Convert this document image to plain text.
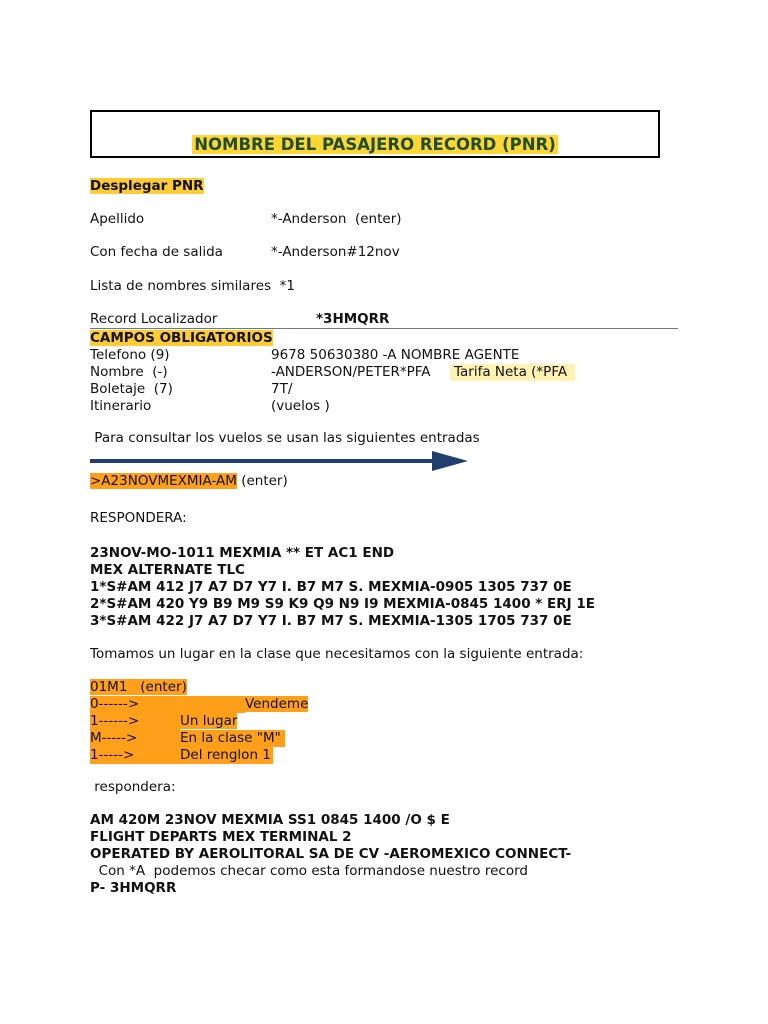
NOMBRE DEL PASAJERO RECORD (PNR)
Desplegar PNR
Apellido	*-Anderson  (enter)
Con fecha de salida	*-Anderson#12nov
Lista de nombres similares  *1
Record Localizador	*3HMQRR
CAMPOS OBLIGATORIOS
Telefono (9)	9678 50630380 -A NOMBRE AGENTE
Nombre  (-)	-ANDERSON/PETER*PFA Tarifa Neta (*PFA
Boletaje  (7)	7T/
Itinerario	(vuelos )
Para consultar los vuelos se usan las siguientes entradas
>A23NOVMEXMIA-AM (enter)
RESPONDERA:
23NOV-MO-1011 MEXMIA ** ET AC1 END
MEX ALTERNATE TLC
1*S#AM 412 J7 A7 D7 Y7 I. B7 M7 S. MEXMIA-0905 1305 737 0E
2*S#AM 420 Y9 B9 M9 S9 K9 Q9 N9 I9 MEXMIA-0845 1400 * ERJ 1E
3*S#AM 422 J7 A7 D7 Y7 I. B7 M7 S. MEXMIA-1305 1705 737 0E
Tomamos un lugar en la clase que necesitamos con la siguiente entrada:
01M1   (enter)
0------>	Vendeme
1------>	Un lugar
M----->	En la clase "M"
1----->	Del renglon 1
respondera:
AM 420M 23NOV MEXMIA SS1 0845 1400 /O $ E
FLIGHT DEPARTS MEX TERMINAL 2
OPERATED BY AEROLITORAL SA DE CV -AEROMEXICO CONNECT-
Con *A  podemos checar como esta formandose nuestro record
P- 3HMQRR
